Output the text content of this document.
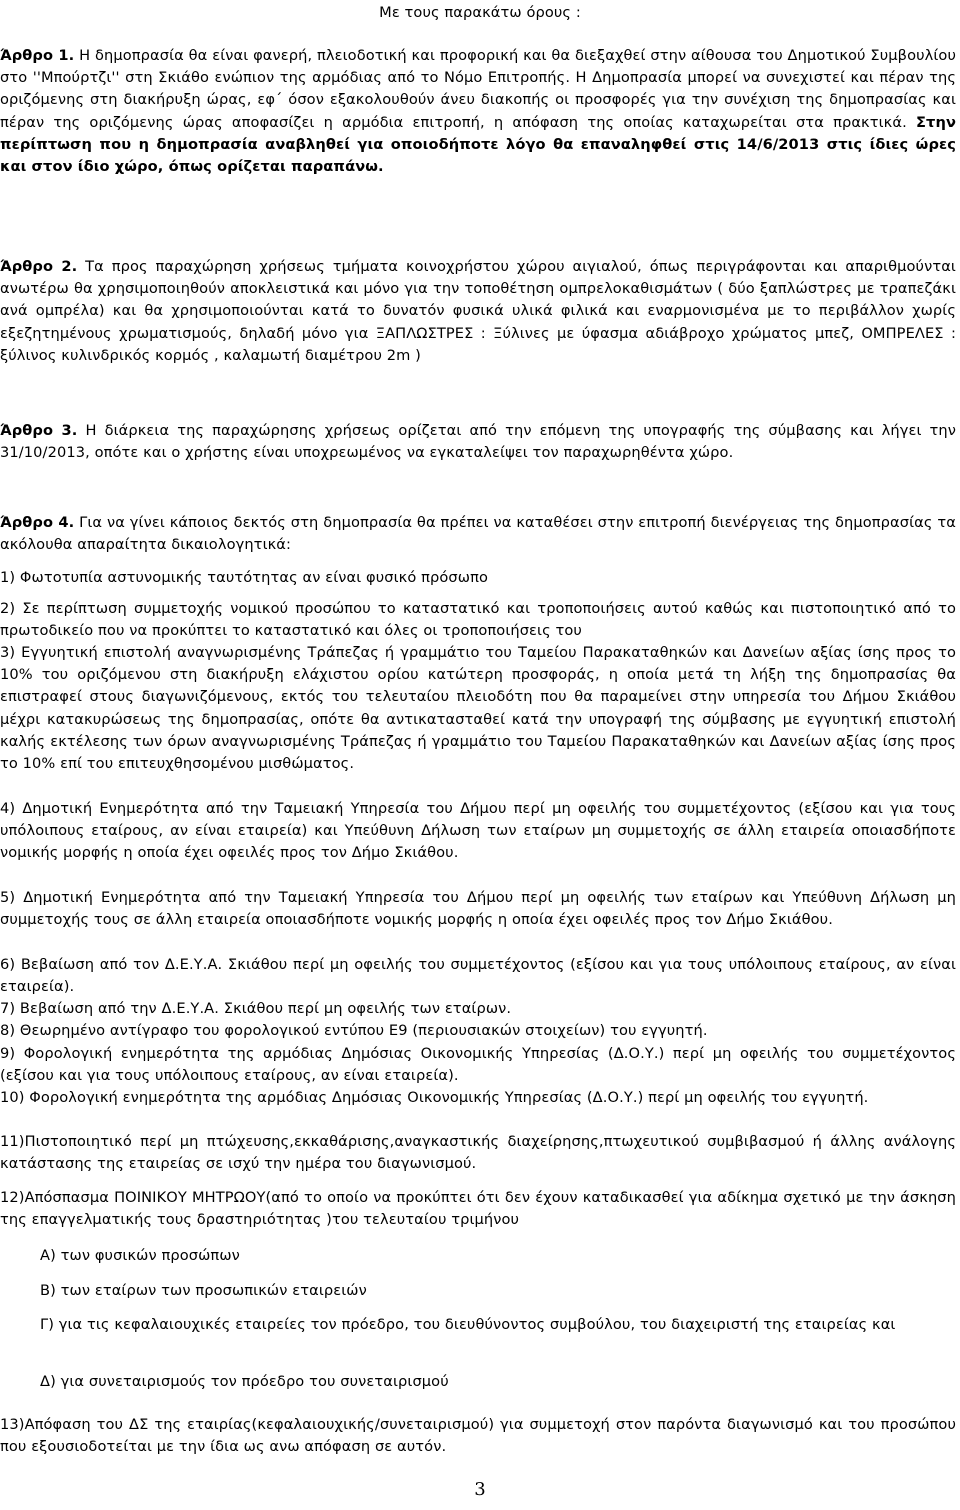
Με τους παρακάτω όρους :

Άρθρο 1. Η δημοπρασία θα είναι φανερή, πλειοδοτική και προφορική και θα διεξαχθεί στην αίθουσα του Δημοτικού Συμβουλίου στο ''Μπούρτζι'' στη Σκιάθο ενώπιον της αρμόδιας από το Νόμο Επιτροπής. Η Δημοπρασία μπορεί να συνεχιστεί και πέραν της οριζόμενης στη διακήρυξη ώρας, εφ΄ όσον εξακολουθούν άνευ διακοπής οι προσφορές για την συνέχιση της δημοπρασίας και πέραν της οριζόμενης ώρας αποφασίζει η αρμόδια επιτροπή, η απόφαση της οποίας καταχωρείται στα πρακτικά. Στην περίπτωση που η δημοπρασία αναβληθεί για οποιοδήποτε λόγο θα επαναληφθεί στις 14/6/2013 στις ίδιες ώρες και στον ίδιο χώρο, όπως ορίζεται παραπάνω.

Άρθρο 2. Τα προς παραχώρηση χρήσεως τμήματα κοινοχρήστου χώρου αιγιαλού, όπως περιγράφονται και απαριθμούνται ανωτέρω θα χρησιμοποιηθούν αποκλειστικά και μόνο για την τοποθέτηση ομπρελοκαθισμάτων ( δύο ξαπλώστρες με τραπεζάκι ανά ομπρέλα) και θα χρησιμοποιούνται κατά το δυνατόν φυσικά υλικά φιλικά και εναρμονισμένα με το περιβάλλον χωρίς εξεζητημένους χρωματισμούς, δηλαδή μόνο για ΞΑΠΛΩΣΤΡΕΣ : Ξύλινες με ύφασμα αδιάβροχο χρώματος μπεζ, ΟΜΠΡΕΛΕΣ : ξύλινος κυλινδρικός κορμός , καλαμωτή διαμέτρου 2m )

Άρθρο 3. Η διάρκεια της παραχώρησης χρήσεως ορίζεται από την επόμενη της υπογραφής της σύμβασης και λήγει την 31/10/2013, οπότε και ο χρήστης είναι υποχρεωμένος να εγκαταλείψει τον παραχωρηθέντα χώρο.

Άρθρο 4. Για να γίνει κάποιος δεκτός στη δημοπρασία θα πρέπει να καταθέσει στην επιτροπή διενέργειας της δημοπρασίας τα ακόλουθα απαραίτητα δικαιολογητικά:

1) Φωτοτυπία αστυνομικής ταυτότητας αν είναι φυσικό πρόσωπο

2) Σε περίπτωση συμμετοχής νομικού προσώπου το καταστατικό και τροποποιήσεις αυτού καθώς και πιστοποιητικό από το πρωτοδικείο που να προκύπτει το καταστατικό και όλες οι τροποποιήσεις του

3) Εγγυητική επιστολή αναγνωρισμένης Τράπεζας ή γραμμάτιο του Ταμείου Παρακαταθηκών και Δανείων αξίας ίσης προς το 10% του οριζόμενου στη διακήρυξη ελάχιστου ορίου κατώτερη προσφοράς, η οποία μετά τη λήξη της δημοπρασίας θα επιστραφεί στους διαγωνιζόμενους, εκτός του τελευταίου πλειοδότη που θα παραμείνει στην υπηρεσία του Δήμου Σκιάθου μέχρι κατακυρώσεως της δημοπρασίας, οπότε θα αντικατασταθεί κατά την υπογραφή της σύμβασης με εγγυητική επιστολή καλής εκτέλεσης των όρων αναγνωρισμένης Τράπεζας ή γραμμάτιο του Ταμείου Παρακαταθηκών και Δανείων αξίας ίσης προς το 10% επί του επιτευχθησομένου μισθώματος.

4) Δημοτική Ενημερότητα από την Ταμειακή Υπηρεσία του Δήμου περί μη οφειλής του συμμετέχοντος (εξίσου και για τους υπόλοιπους εταίρους, αν είναι εταιρεία) και Υπεύθυνη Δήλωση των εταίρων μη συμμετοχής σε άλλη εταιρεία οποιασδήποτε νομικής μορφής η οποία έχει οφειλές προς τον Δήμο Σκιάθου.

5) Δημοτική Ενημερότητα από την Ταμειακή Υπηρεσία του Δήμου περί μη οφειλής των εταίρων και Υπεύθυνη Δήλωση μη συμμετοχής τους σε άλλη εταιρεία οποιασδήποτε νομικής μορφής η οποία έχει οφειλές προς τον Δήμο Σκιάθου.

6) Βεβαίωση από τον Δ.Ε.Υ.Α. Σκιάθου περί μη οφειλής του συμμετέχοντος (εξίσου και για τους υπόλοιπους εταίρους, αν είναι εταιρεία).

7) Βεβαίωση από την Δ.Ε.Υ.Α. Σκιάθου περί μη οφειλής των εταίρων.

8) Θεωρημένο αντίγραφο του φορολογικού εντύπου Ε9 (περιουσιακών στοιχείων) του εγγυητή.

9) Φορολογική ενημερότητα της αρμόδιας Δημόσιας Οικονομικής Υπηρεσίας (Δ.Ο.Υ.) περί μη οφειλής του συμμετέχοντος (εξίσου και για τους υπόλοιπους εταίρους, αν είναι εταιρεία).

10) Φορολογική ενημερότητα της αρμόδιας Δημόσιας Οικονομικής Υπηρεσίας (Δ.Ο.Υ.) περί μη οφειλής του εγγυητή.

11)Πιστοποιητικό περί μη πτώχευσης,εκκαθάρισης,αναγκαστικής διαχείρησης,πτωχευτικού συμβιβασμού ή άλλης ανάλογης κατάστασης της εταιρείας σε ισχύ την ημέρα του διαγωνισμού.

12)Απόσπασμα ΠΟΙΝΙΚΟΥ ΜΗΤΡΩΟΥ(από το οποίο να προκύπτει ότι δεν έχουν καταδικασθεί για αδίκημα σχετικό με την άσκηση της επαγγελματικής τους δραστηριότητας )του τελευταίου τριμήνου

Α) των φυσικών προσώπων

Β) των εταίρων των προσωπικών εταιρειών

Γ) για τις κεφαλαιουχικές εταιρείες τον πρόεδρο, του διευθύνοντος συμβούλου, του διαχειριστή της εταιρείας και

Δ) για συνεταιρισμούς τον πρόεδρο του συνεταιρισμού

13)Απόφαση του ΔΣ της εταιρίας(κεφαλαιουχικής/συνεταιρισμού) για συμμετοχή στον παρόντα διαγωνισμό και του προσώπου που εξουσιοδοτείται με την ίδια ως ανω απόφαση σε αυτόν.

3
